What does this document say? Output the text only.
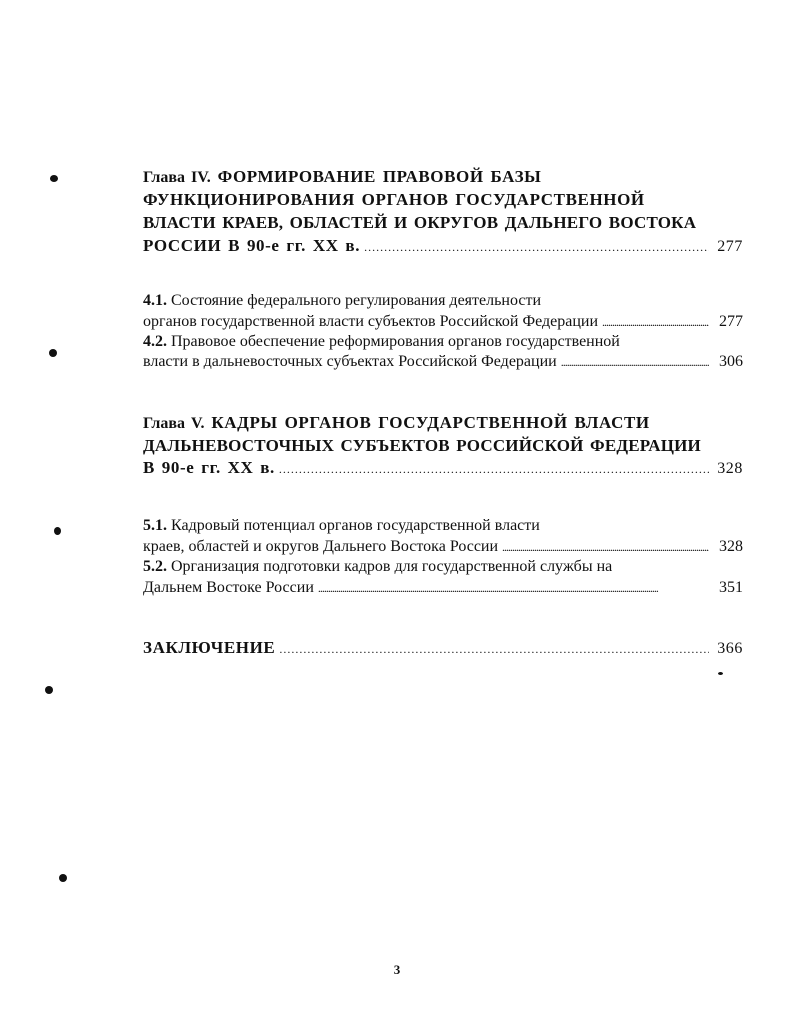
Глава IV. ФОРМИРОВАНИЕ ПРАВОВОЙ БАЗЫ
ФУНКЦИОНИРОВАНИЯ ОРГАНОВ ГОСУДАРСТВЕННОЙ
ВЛАСТИ КРАЕВ, ОБЛАСТЕЙ И ОКРУГОВ ДАЛЬНЕГО ВОСТОКА
РОССИИ В 90-е гг. XX в. . . .	277
4.1. Состояние федерального регулирования деятельности
органов государственной власти субъектов Российской Федерации . . .	277
4.2. Правовое обеспечение реформирования органов государственной
власти в дальневосточных субъектах Российской Федерации . . .	306
Глава V. КАДРЫ ОРГАНОВ ГОСУДАРСТВЕННОЙ ВЛАСТИ
ДАЛЬНЕВОСТОЧНЫХ СУБЪЕКТОВ РОССИЙСКОЙ ФЕДЕРАЦИИ
В 90-е гг. XX в. . . .	328
5.1. Кадровый потенциал органов государственной власти
краев, областей и округов Дальнего Востока России . . .	328
5.2. Организация подготовки кадров для государственной службы на
Дальнем Востоке России . . .	351
ЗАКЛЮЧЕНИЕ . . .	366
3
